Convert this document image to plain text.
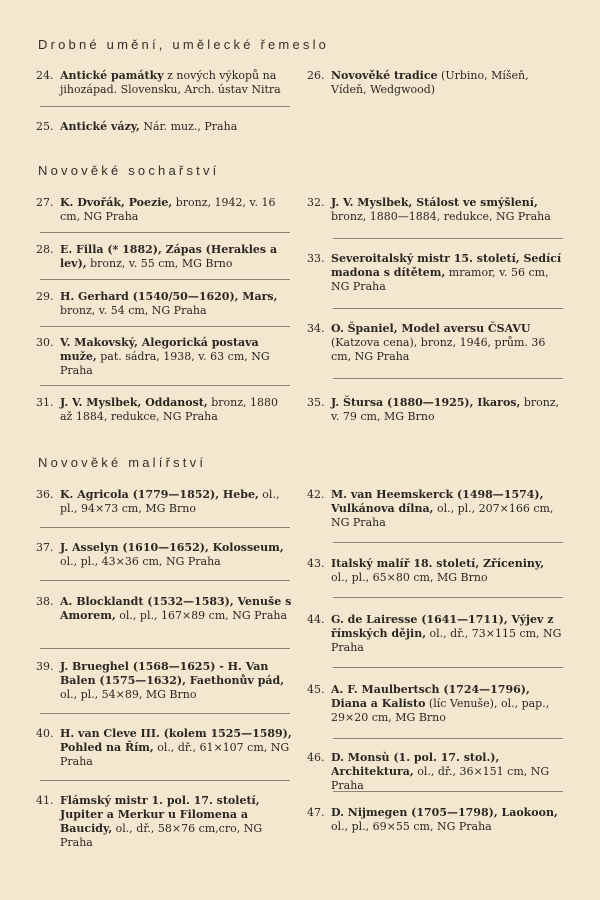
Drobné umění, umělecké řemeslo
24. Antické památky z nových výkopů na jihozápad. Slovensku, Arch. ústav Nitra
25. Antické vázy, Nár. muz., Praha
26. Novověké tradice (Urbino, Míšeň, Vídeň, Wedgwood)
Novověké sochařství
27. K. Dvořák, Poezie, bronz, 1942, v. 16 cm, NG Praha
28. E. Filla (* 1882), Zápas (Herakles a lev), bronz, v. 55 cm, MG Brno
29. H. Gerhard (1540/50—1620), Mars, bronz, v. 54 cm, NG Praha
30. V. Makovský, Alegorická postava muže, pat. sádra, 1938, v. 63 cm, NG Praha
31. J. V. Myslbek, Oddanost, bronz, 1880 až 1884, redukce, NG Praha
32. J. V. Myslbek, Stálost ve smýšlení, bronz, 1880—1884, redukce, NG Praha
33. Severoitalský mistr 15. století, Sedící madona s dítětem, mramor, v. 56 cm, NG Praha
34. O. Španiel, Model aversu ČSAVU (Katzova cena), bronz, 1946, prům. 36 cm, NG Praha
35. J. Štursa (1880—1925), Ikaros, bronz, v. 79 cm, MG Brno
Novověké malířství
36. K. Agricola (1779—1852), Hebe, ol., pl., 94×73 cm, MG Brno
37. J. Asselyn (1610—1652), Kolosseum, ol., pl., 43×36 cm, NG Praha
38. A. Blocklandt (1532—1583), Venuše s Amorem, ol., pl., 167×89 cm, NG Praha
39. J. Brueghel (1568—1625) - H. Van Balen (1575—1632), Faethonův pád, ol., pl., 54×89, MG Brno
40. H. van Cleve III. (kolem 1525—1589), Pohled na Řím, ol., dř., 61×107 cm, NG Praha
41. Flámský mistr 1. pol. 17. století, Jupiter a Merkur u Filomena a Baucidy, ol., dř., 58×76 cm,cro, NG Praha
42. M. van Heemskerck (1498—1574), Vulkánova dílna, ol., pl., 207×166 cm, NG Praha
43. Italský malíř 18. století, Zříceniny, ol., pl., 65×80 cm, MG Brno
44. G. de Lairesse (1641—1711), Výjev z římských dějin, ol., dř., 73×115 cm, NG Praha
45. A. F. Maulbertsch (1724—1796), Diana a Kalisto (líc Venuše), ol., pap., 29×20 cm, MG Brno
46. D. Monsù (1. pol. 17. stol.), Architektura, ol., dř., 36×151 cm, NG Praha
47. D. Nijmegen (1705—1798), Laokoon, ol., pl., 69×55 cm, NG Praha
